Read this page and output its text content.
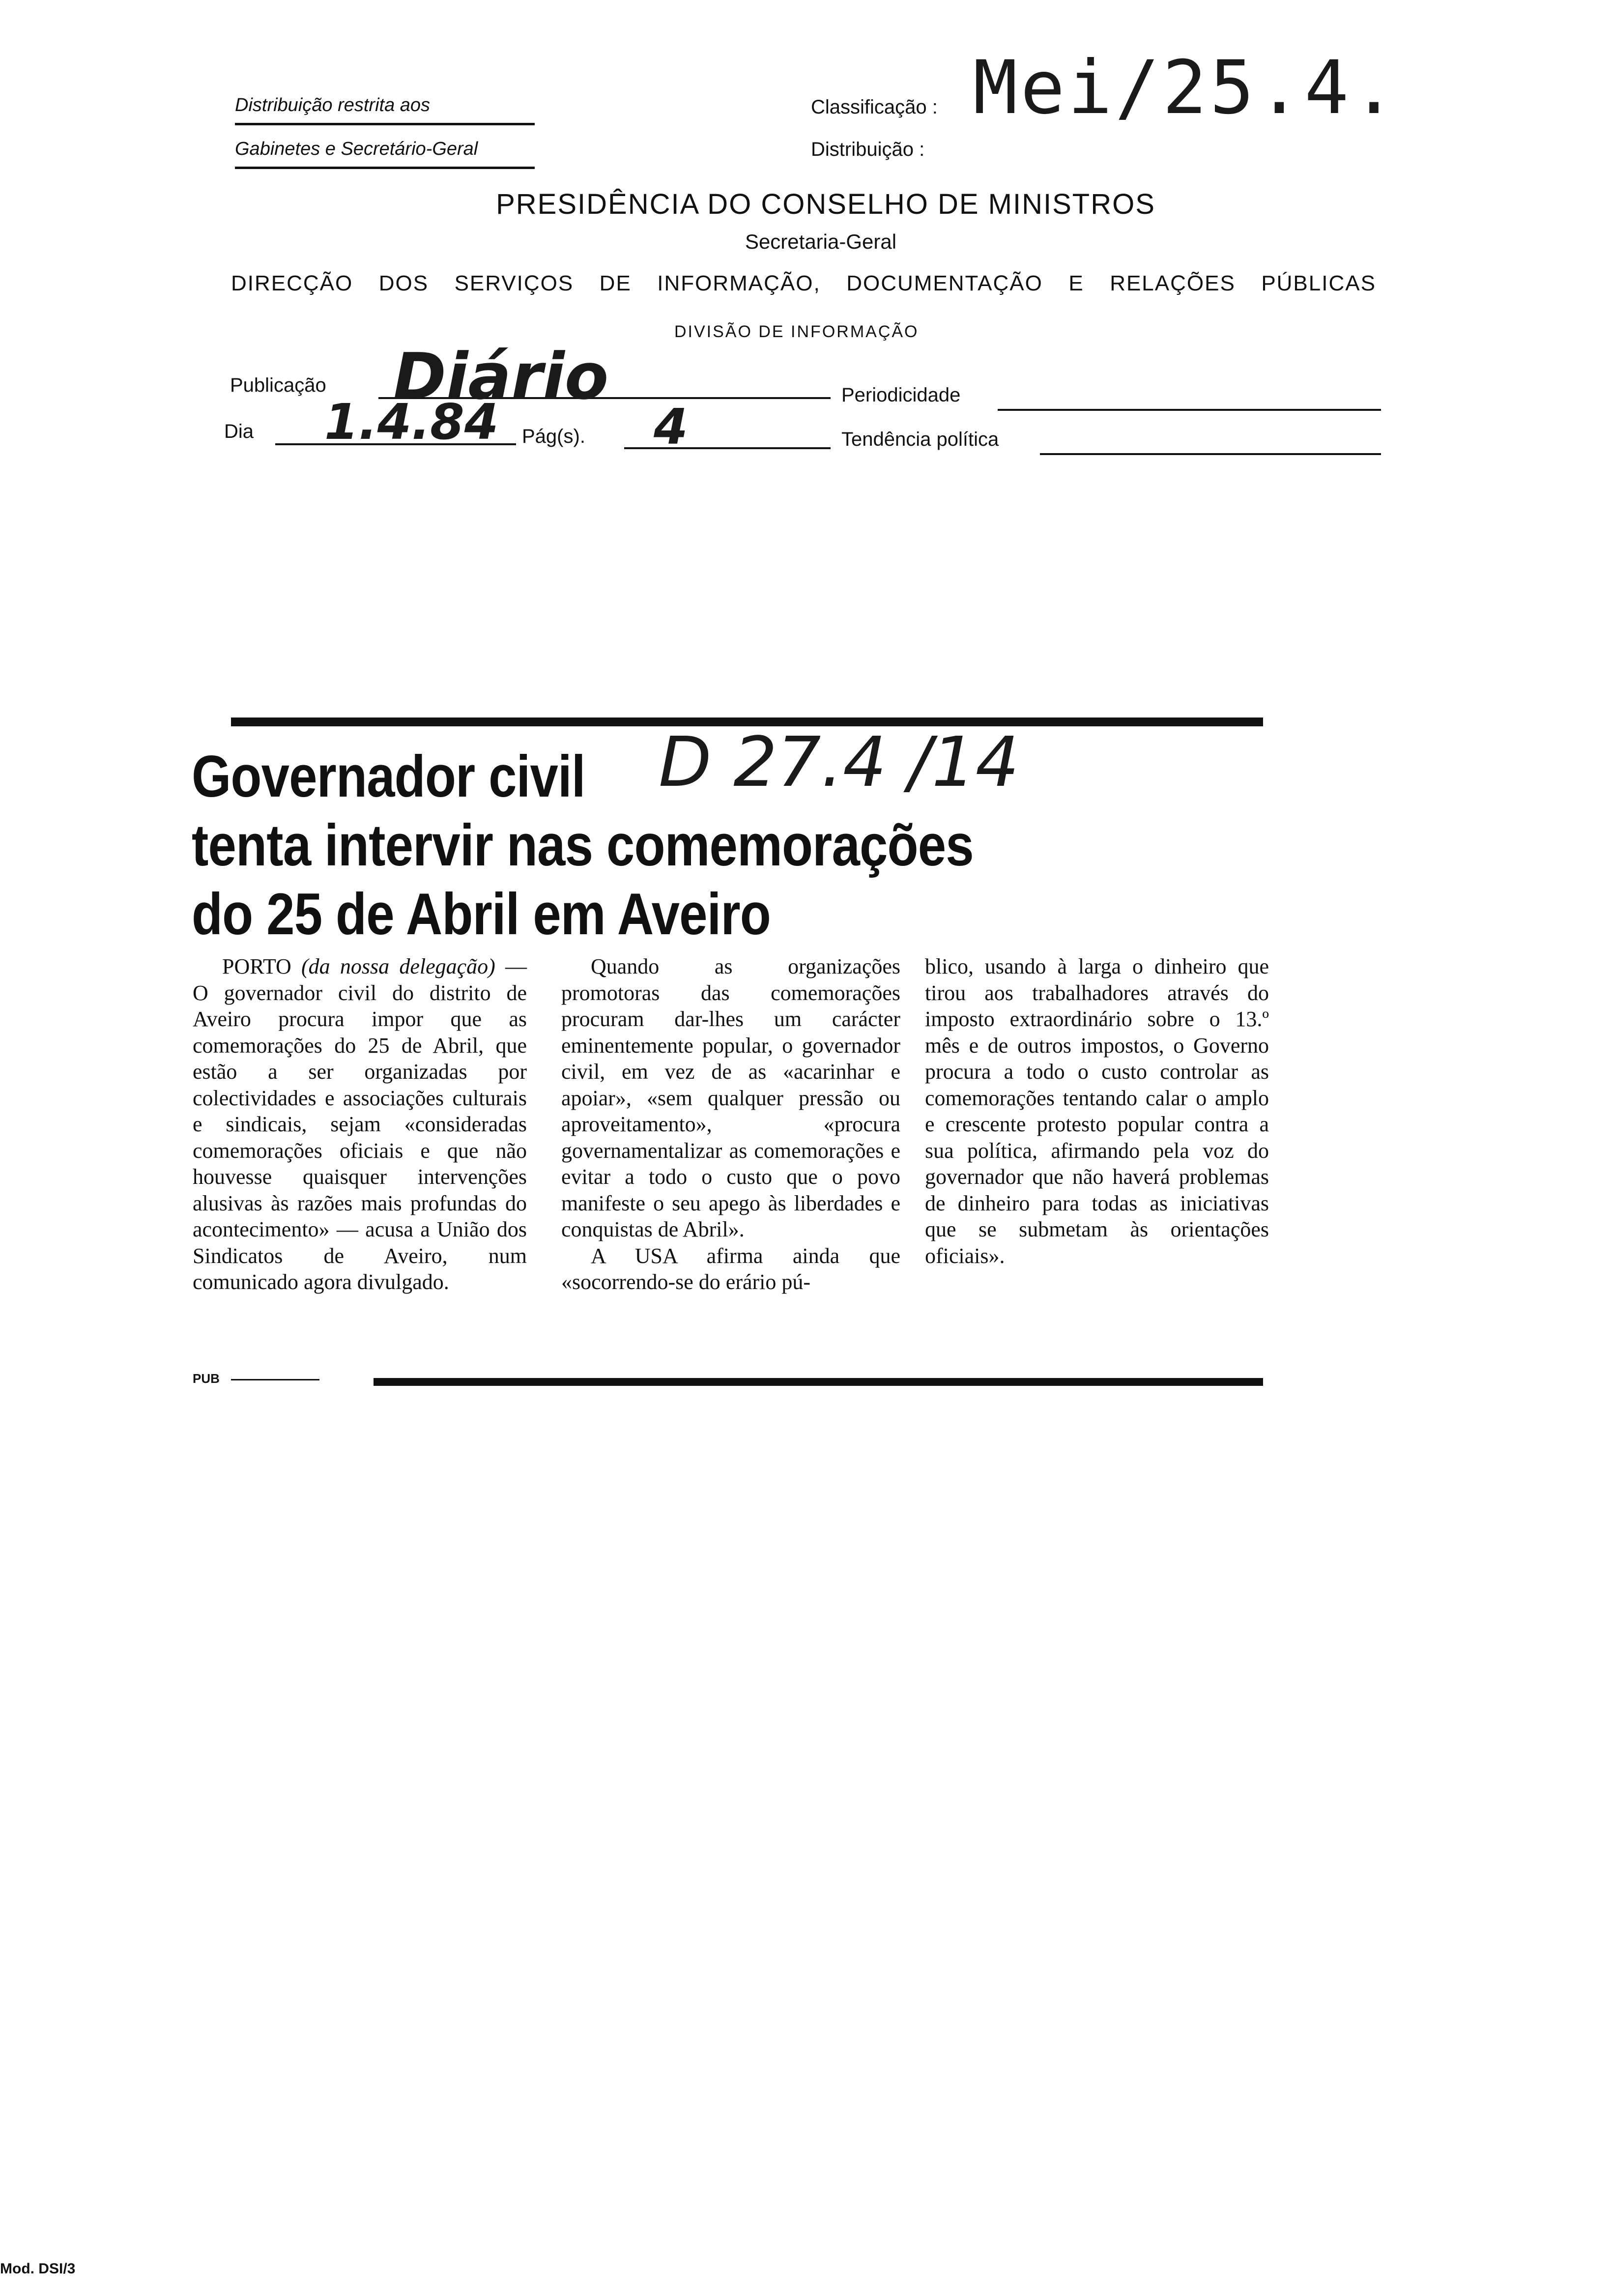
Distribuição restrita aos
Gabinetes e Secretário-Geral
Classificação : Mei/25.4.
Distribuição :
PRESIDÊNCIA DO CONSELHO DE MINISTROS
Secretaria-Geral
DIRECÇÃO DOS SERVIÇOS DE INFORMAÇÃO, DOCUMENTAÇÃO E RELAÇÕES PÚBLICAS
DIVISÃO DE INFORMAÇÃO
Publicação Diário	Periodicidade
Dia 1.4.84 Pág(s). 4	Tendência política
Governador civil
tenta intervir nas comemorações
do 25 de Abril em Aveiro
D 27.4 /14

PORTO (da nossa delegação) — O governador civil do distrito de Aveiro procura impor que as comemorações do 25 de Abril, que estão a ser organizadas por colectividades e associações culturais e sindicais, sejam «consideradas comemorações oficiais e que não houvesse quaisquer intervenções alusivas às razões mais profundas do acontecimento» — acusa a União dos Sindicatos de Aveiro, num comunicado agora divulgado.

Quando as organizações promotoras das comemorações procuram dar-lhes um carácter eminentemente popular, o governador civil, em vez de as «acarinhar e apoiar», «sem qualquer pressão ou aproveitamento», «procura governamentalizar as comemorações e evitar a todo o custo que o povo manifeste o seu apego às liberdades e conquistas de Abril».

A USA afirma ainda que «socorrendo-se do erário pú-

blico, usando à larga o dinheiro que tirou aos trabalhadores através do imposto extraordinário sobre o 13.º mês e de outros impostos, o Governo procura a todo o custo controlar as comemorações tentando calar o amplo e crescente protesto popular contra a sua política, afirmando pela voz do governador que não haverá problemas de dinheiro para todas as iniciativas que se submetam às orientações oficiais».

PUB
Mod. DSI/3
